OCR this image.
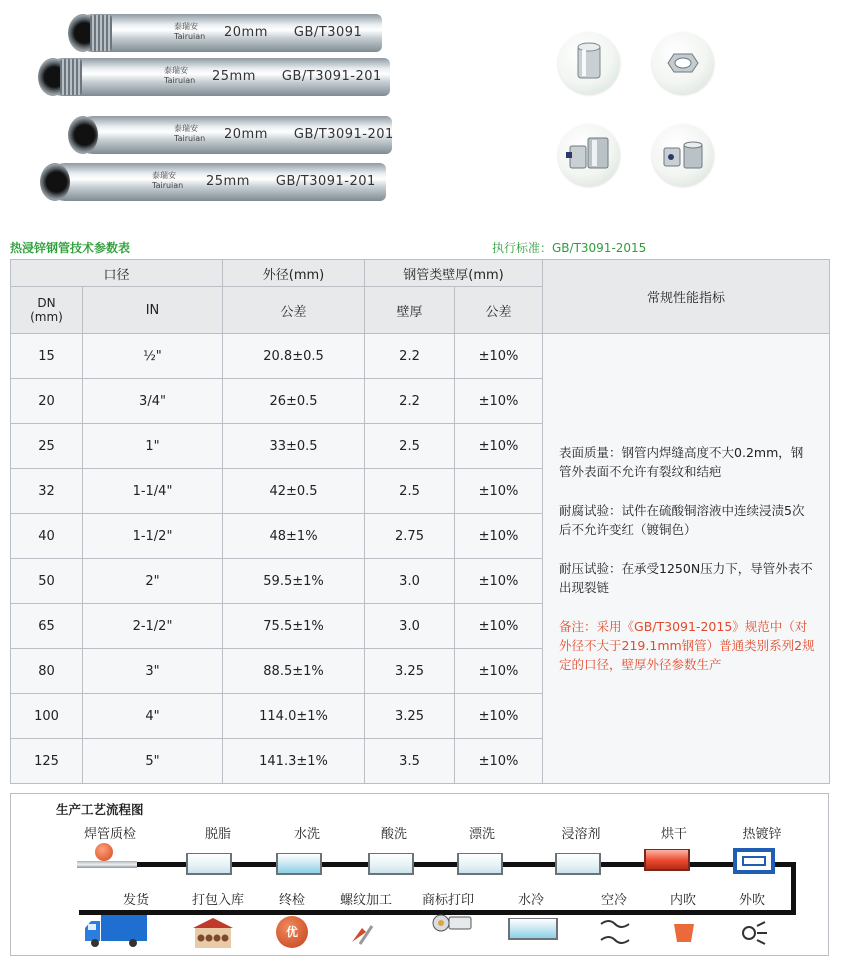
泰瑞安
Tairuian 20mm GB/T3091
泰瑞安
Tairuian 25mm GB/T3091-201
泰瑞安
Tairuian 20mm GB/T3091-201
泰瑞安
Tairuian 25mm GB/T3091-201
热浸锌钢管技术参数表	执行标准：GB/T3091-2015
口径		外径(mm)	钢管类壁厚(mm)		常规性能指标

DN
(mm)	IN	公差	壁厚	公差	
15	½"	20.8±0.5	2.2	±10%	表面质量：钢管内焊缝高度不大0.2mm，钢管外表面不允许有裂纹和结疤

耐腐试验：试件在硫酸铜溶液中连续浸渍5次后不允许变红（镀铜色）

耐压试验：在承受1250N压力下，导管外表不出现裂链

备注：采用《GB/T3091-2015》规范中（对外径不大于219.1mm钢管）普通类别系列2规定的口径，壁厚外径参数生产

20	3/4"	26±0.5	2.2	±10%	
25	1"	33±0.5	2.5	±10%	
32	1-1/4"	42±0.5	2.5	±10%	
40	1-1/2"	48±1%	2.75	±10%	
50	2"	59.5±1%	3.0	±10%	
65	2-1/2"	75.5±1%	3.0	±10%	
80	3"	88.5±1%	3.25	±10%	
100	4"	114.0±1%	3.25	±10%	
125	5"	141.3±1%	3.5	±10%	
生产工艺流程图
焊管质检	脱脂	水洗	酸洗	漂洗	浸溶剂	烘干	热镀锌
发货	打包入库	终检	螺纹加工 商标打印	水冷	空冷	内吹	外吹
优
